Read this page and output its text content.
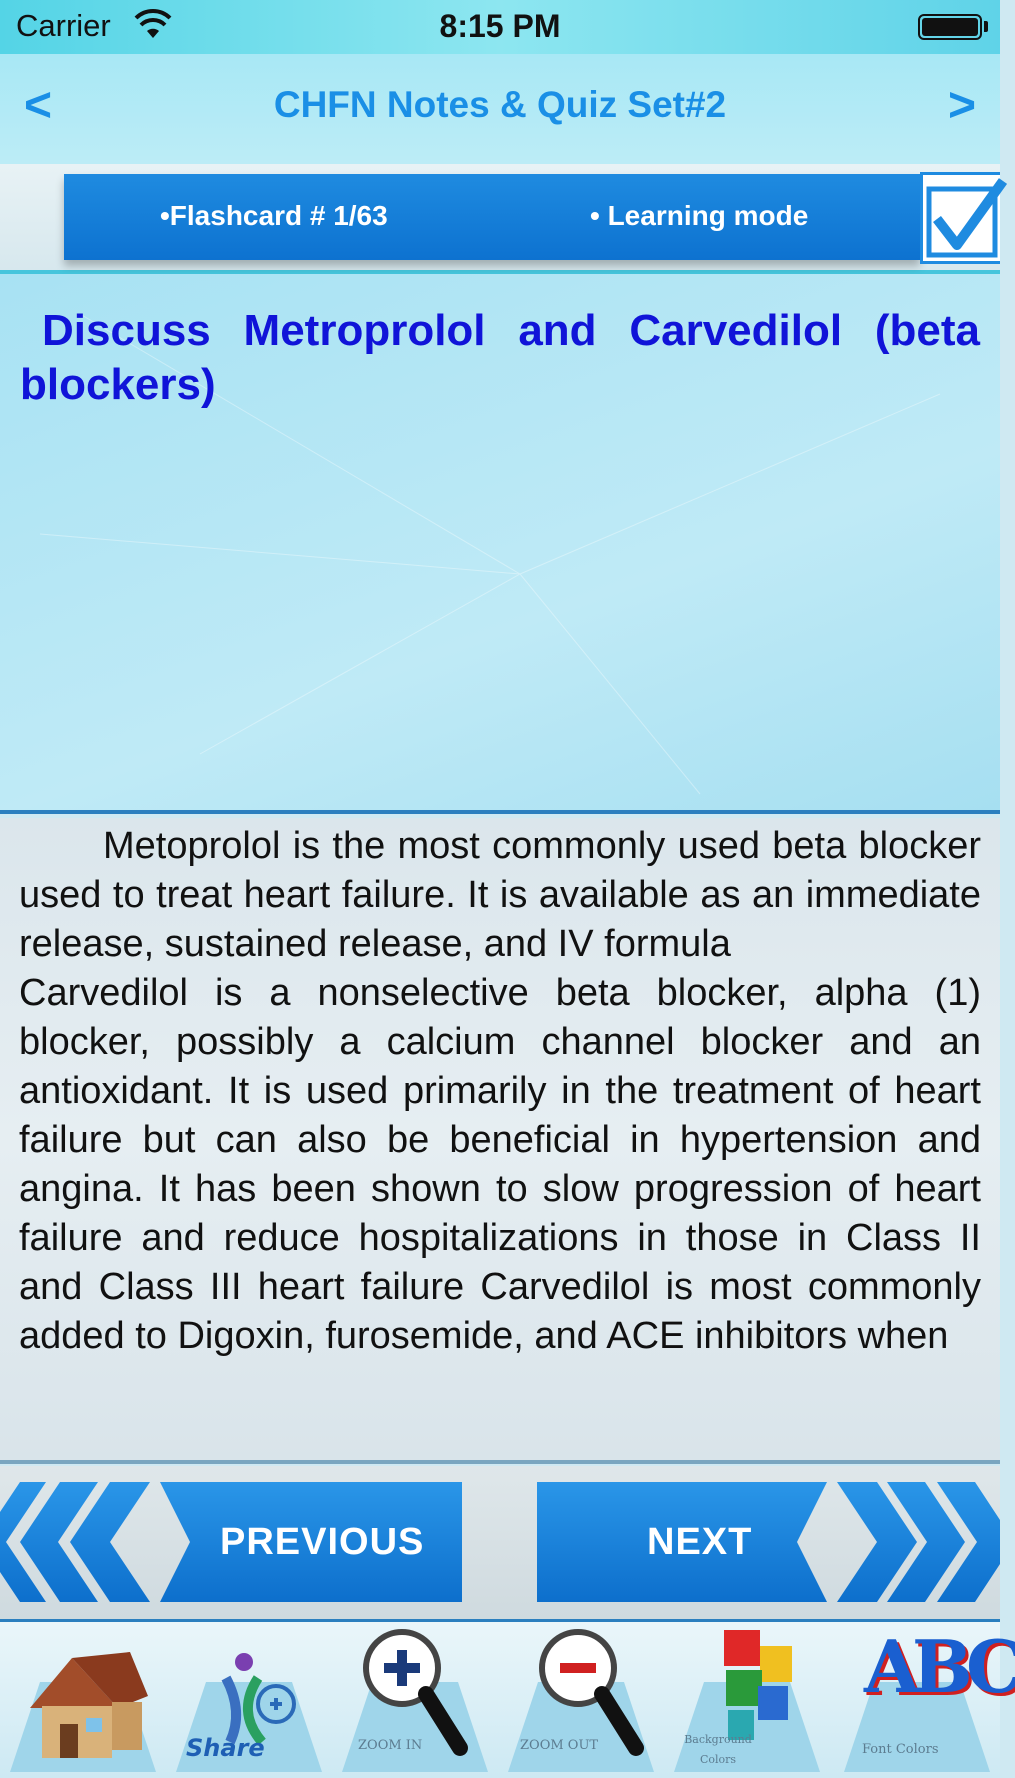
Carrier	8:15 PM
<	CHFN Notes & Quiz Set#2	>
•Flashcard # 1/63	• Learning mode
Discuss Metroprolol and Carvedilol (beta blockers)

Metoprolol is the most commonly used beta blocker used to treat heart failure. It is available as an immediate release, sustained release, and IV formula

Carvedilol is a nonselective beta blocker, alpha (1) blocker, possibly a calcium channel blocker and an antioxidant. It is used primarily in the treatment of heart failure but can also be beneficial in hypertension and angina. It has been shown to slow progression of heart failure and reduce hospitalizations in those in Class II and Class III heart failure Carvedilol is most commonly added to Digoxin, furosemide, and ACE inhibitors when

PREVIOUS	NEXT
Share	ZOOM IN	ZOOM OUT	Background Colors
ABC
Font Colors
